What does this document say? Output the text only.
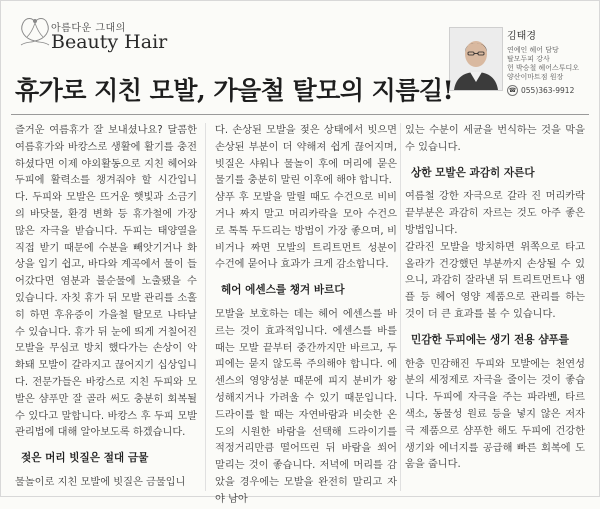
아름다운 그대의
Beauty Hair	김태경

연예인 헤어 담당

탈모두피 강사

헌 박승철 헤어스투디오

양산이마트점 원장

☎ 055)363-9912
휴가로 지친 모발, 가을철 탈모의 지름길!

즐거운 여름휴가 잘 보내셨나요? 달콤한 여름휴가와 바캉스로 생활에 활기를 충전하셨다면 이제 야외활동으로 지친 헤어와 두피에 활력소를 챙겨줘야 할 시간입니다. 두피와 모발은 뜨거운 햇빛과 소금기의 바닷물, 환경 변화 등 휴가철에 가장 많은 자극을 받습니다. 두피는 태양열을 직접 받기 때문에 수분을 빼앗기거나 화상을 입기 쉽고, 바다와 계곡에서 물이 들어갔다면 염분과 불순물에 노출됐을 수 있습니다. 자칫 휴가 뒤 모발 관리를 소홀히 하면 후유증이 가을철 탈모로 나타날 수 있습니다. 휴가 뒤 눈에 띄게 거칠어진 모발을 무심코 방치 했다가는 손상이 악화돼 모발이 갈라지고 끊어지기 십상입니다. 전문가들은 바캉스로 지친 두피와 모발은 샴푸만 잘 골라 써도 충분히 회복될 수 있다고 말합니다. 바캉스 후 두피 모발 관리법에 대해 알아보도록 하겠습니다.

젖은 머리 빗질은 절대 금물

물놀이로 지친 모발에 빗질은 금물입니

다. 손상된 모발을 젖은 상태에서 빗으면 손상된 부분이 더 약해져 쉽게 끊어지며, 빗질은 샤워나 물놀이 후에 머리에 묻은 물기를 충분히 말린 이후에 해야 합니다.

샴푸 후 모발을 말릴 때도 수건으로 비비거나 짜지 말고 머리카락을 모아 수건으로 톡톡 두드리는 방법이 가장 좋으며, 비비거나 짜면 모발의 트리트먼트 성분이 수건에 묻어나 효과가 크게 감소합니다.

헤어 에센스를 챙겨 바르다

모발을 보호하는 데는 헤어 에센스를 바르는 것이 효과적입니다. 에센스를 바를 때는 모발 끝부터 중간까지만 바르고, 두피에는 묻지 않도록 주의해야 합니다. 에센스의 영양성분 때문에 피지 분비가 왕성해지거나 가려울 수 있기 때문입니다. 드라이를 할 때는 자연바람과 비슷한 온도의 시원한 바람을 선택해 드라이기를 적정거리만큼 떨어뜨린 뒤 바람을 쐬어 말리는 것이 좋습니다. 저녁에 머리를 감았을 경우에는 모발을 완전히 말리고 자야 남아

있는 수분이 세균을 번식하는 것을 막을 수 있습니다.

상한 모발은 과감히 자른다

여름철 강한 자극으로 갈라 진 머리카락 끝부분은 과감히 자르는 것도 아주 좋은 방법입니다.

갈라진 모발을 방치하면 위쪽으로 타고 올라가 건강했던 부분까지 손상될 수 있으니, 과감히 잘라낸 뒤 트리트먼트나 앰플 등 헤어 영양 제품으로 관리를 하는 것이 더 큰 효과를 볼 수 있습니다.

민감한 두피에는 생기 전용 샴푸를

한층 민감해진 두피와 모발에는 천연성분의 세정제로 자극을 줄이는 것이 좋습니다. 두피에 자극을 주는 파라벤, 타르색소, 동물성 원료 등을 넣지 않은 저자극 제품으로 샴푸한 해도 두피에 건강한 생기와 에너지를 공급해 빠른 회복에 도움을 줍니다.
